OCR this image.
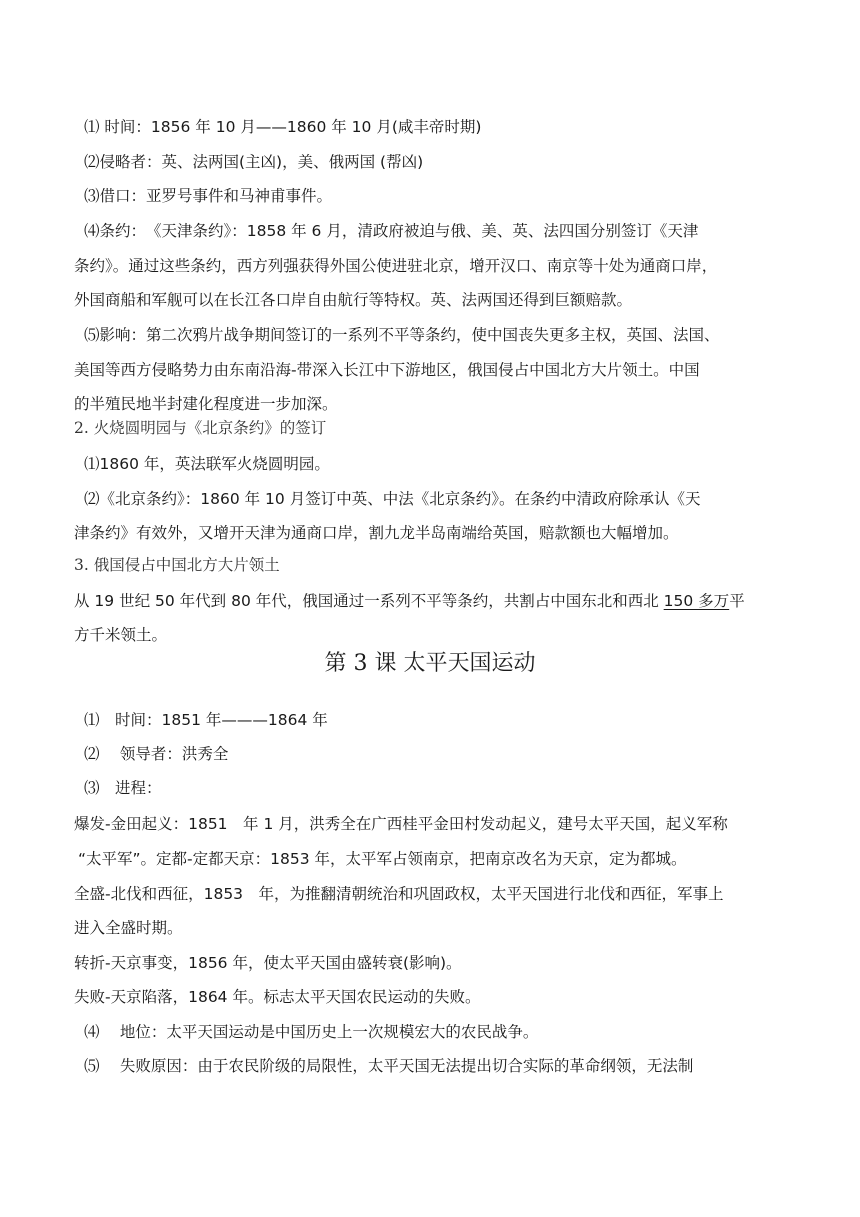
⑴ 时间：1856 年 10 月——1860 年 10 月(咸丰帝时期)
⑵侵略者：英、法两国(主凶)，美、俄两国 (帮凶)
⑶借口：亚罗号事件和马神甫事件。
⑷条约：　《天津条约》：1858 年 6 月，清政府被迫与俄、美、英、法四国分别签订《天津
条约》。通过这些条约，西方列强获得外国公使进驻北京，增开汉口、南京等十处为通商口岸，
外国商船和军舰可以在长江各口岸自由航行等特权。英、法两国还得到巨额赔款。
⑸影响：第二次鸦片战争期间签订的一系列不平等条约，使中国丧失更多主权，英国、法国、
美国等西方侵略势力由东南沿海-带深入长江中下游地区，俄国侵占中国北方大片领土。中国
的半殖民地半封建化程度进一步加深。
2. 火烧圆明园与《北京条约》的签订
⑴1860 年，英法联军火烧圆明园。
⑵《北京条约》：1860 年 10 月签订中英、中法《北京条约》。在条约中清政府除承认《天
津条约》有效外，又增开天津为通商口岸，割九龙半岛南端给英国，赔款额也大幅增加。
3. 俄国侵占中国北方大片领土
从 19 世纪 50 年代到 80 年代，俄国通过一系列不平等条约，共割占中国东北和西北 150 多万平
方千米领土。
第 3 课 太平天国运动
⑴　时间：1851 年———1864 年
⑵　 领导者：洪秀全
⑶　进程：
爆发-金田起义：1851　年 1 月，洪秀全在广西桂平金田村发动起义，建号太平天国，起义军称
“太平军”。定都-定都天京：1853 年，太平军占领南京，把南京改名为天京，定为都城。
全盛-北伐和西征，1853　年，为推翻清朝统治和巩固政权，太平天国进行北伐和西征，军事上
进入全盛时期。
转折-天京事变，1856 年，使太平天国由盛转衰(影响)。
失败-天京陷落，1864 年。标志太平天国农民运动的失败。
⑷　 地位：太平天国运动是中国历史上一次规模宏大的农民战争。
⑸　 失败原因：由于农民阶级的局限性，太平天国无法提出切合实际的革命纲领，无法制
